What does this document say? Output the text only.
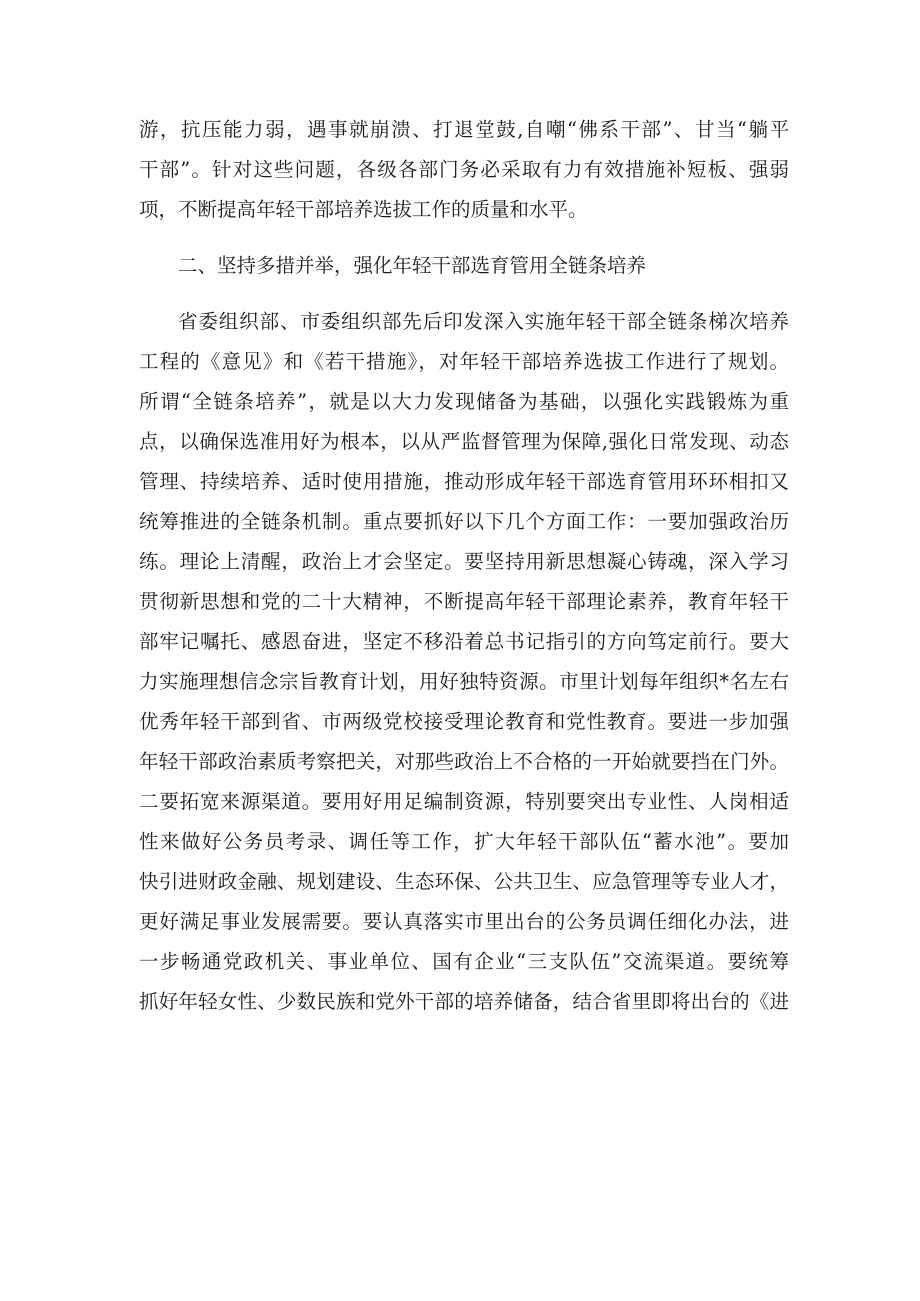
游，抗压能力弱，遇事就崩溃、打退堂鼓,自嘲“佛系干部”、甘当“躺平
干部”。针对这些问题，各级各部门务必采取有力有效措施补短板、强弱
项，不断提高年轻干部培养选拔工作的质量和水平。
二、坚持多措并举，强化年轻干部选育管用全链条培养
省委组织部、市委组织部先后印发深入实施年轻干部全链条梯次培养
工程的《意见》和《若干措施》，对年轻干部培养选拔工作进行了规划。
所谓“全链条培养”，就是以大力发现储备为基础，以强化实践锻炼为重
点，以确保选准用好为根本，以从严监督管理为保障,强化日常发现、动态
管理、持续培养、适时使用措施，推动形成年轻干部选育管用环环相扣又
统筹推进的全链条机制。重点要抓好以下几个方面工作：一要加强政治历
练。理论上清醒，政治上才会坚定。要坚持用新思想凝心铸魂，深入学习
贯彻新思想和党的二十大精神，不断提高年轻干部理论素养，教育年轻干
部牢记嘱托、感恩奋进，坚定不移沿着总书记指引的方向笃定前行。要大
力实施理想信念宗旨教育计划，用好独特资源。市里计划每年组织*名左右
优秀年轻干部到省、市两级党校接受理论教育和党性教育。要进一步加强
年轻干部政治素质考察把关，对那些政治上不合格的一开始就要挡在门外。
二要拓宽来源渠道。要用好用足编制资源，特别要突出专业性、人岗相适
性来做好公务员考录、调任等工作，扩大年轻干部队伍“蓄水池”。要加
快引进财政金融、规划建设、生态环保、公共卫生、应急管理等专业人才，
更好满足事业发展需要。要认真落实市里出台的公务员调任细化办法，进
一步畅通党政机关、事业单位、国有企业“三支队伍”交流渠道。要统筹
抓好年轻女性、少数民族和党外干部的培养储备，结合省里即将出台的《进
